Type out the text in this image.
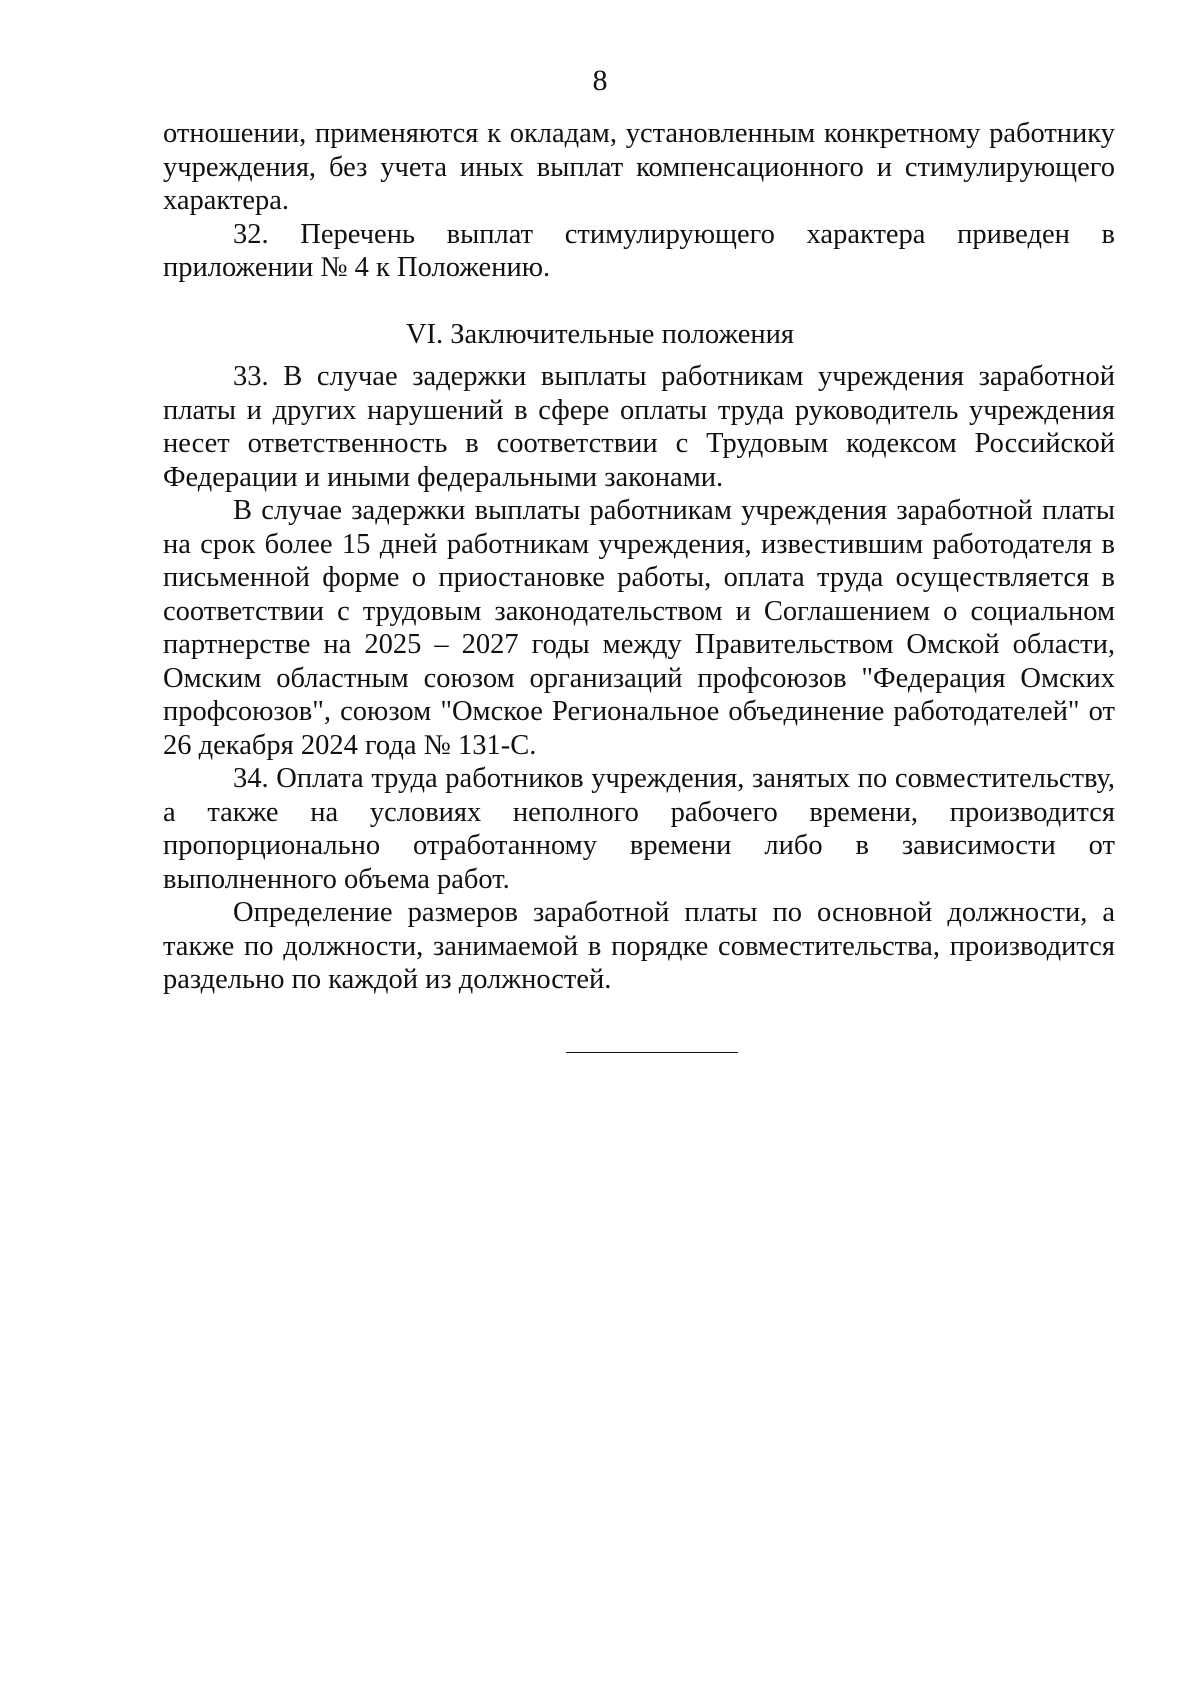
8

отношении, применяются к окладам, установленным конкретному работнику учреждения, без учета иных выплат компенсационного и стимулирующего характера.

32. Перечень выплат стимулирующего характера приведен в приложении № 4 к Положению.

VI. Заключительные положения

33. В случае задержки выплаты работникам учреждения заработной платы и других нарушений в сфере оплаты труда руководитель учреждения несет ответственность в соответствии с Трудовым кодексом Российской Федерации и иными федеральными законами.

В случае задержки выплаты работникам учреждения заработной платы на срок более 15 дней работникам учреждения, известившим работодателя в письменной форме о приостановке работы, оплата труда осуществляется в соответствии с трудовым законодательством и Соглашением о социальном партнерстве на 2025 – 2027 годы между Правительством Омской области, Омским областным союзом организаций профсоюзов "Федерация Омских профсоюзов", союзом "Омское Региональное объединение работодателей" от 26 декабря 2024 года № 131-С.

34. Оплата труда работников учреждения, занятых по совместительству, а также на условиях неполного рабочего времени, производится пропорционально отработанному времени либо в зависимости от выполненного объема работ.

Определение размеров заработной платы по основной должности, а также по должности, занимаемой в порядке совместительства, производится раздельно по каждой из должностей.
